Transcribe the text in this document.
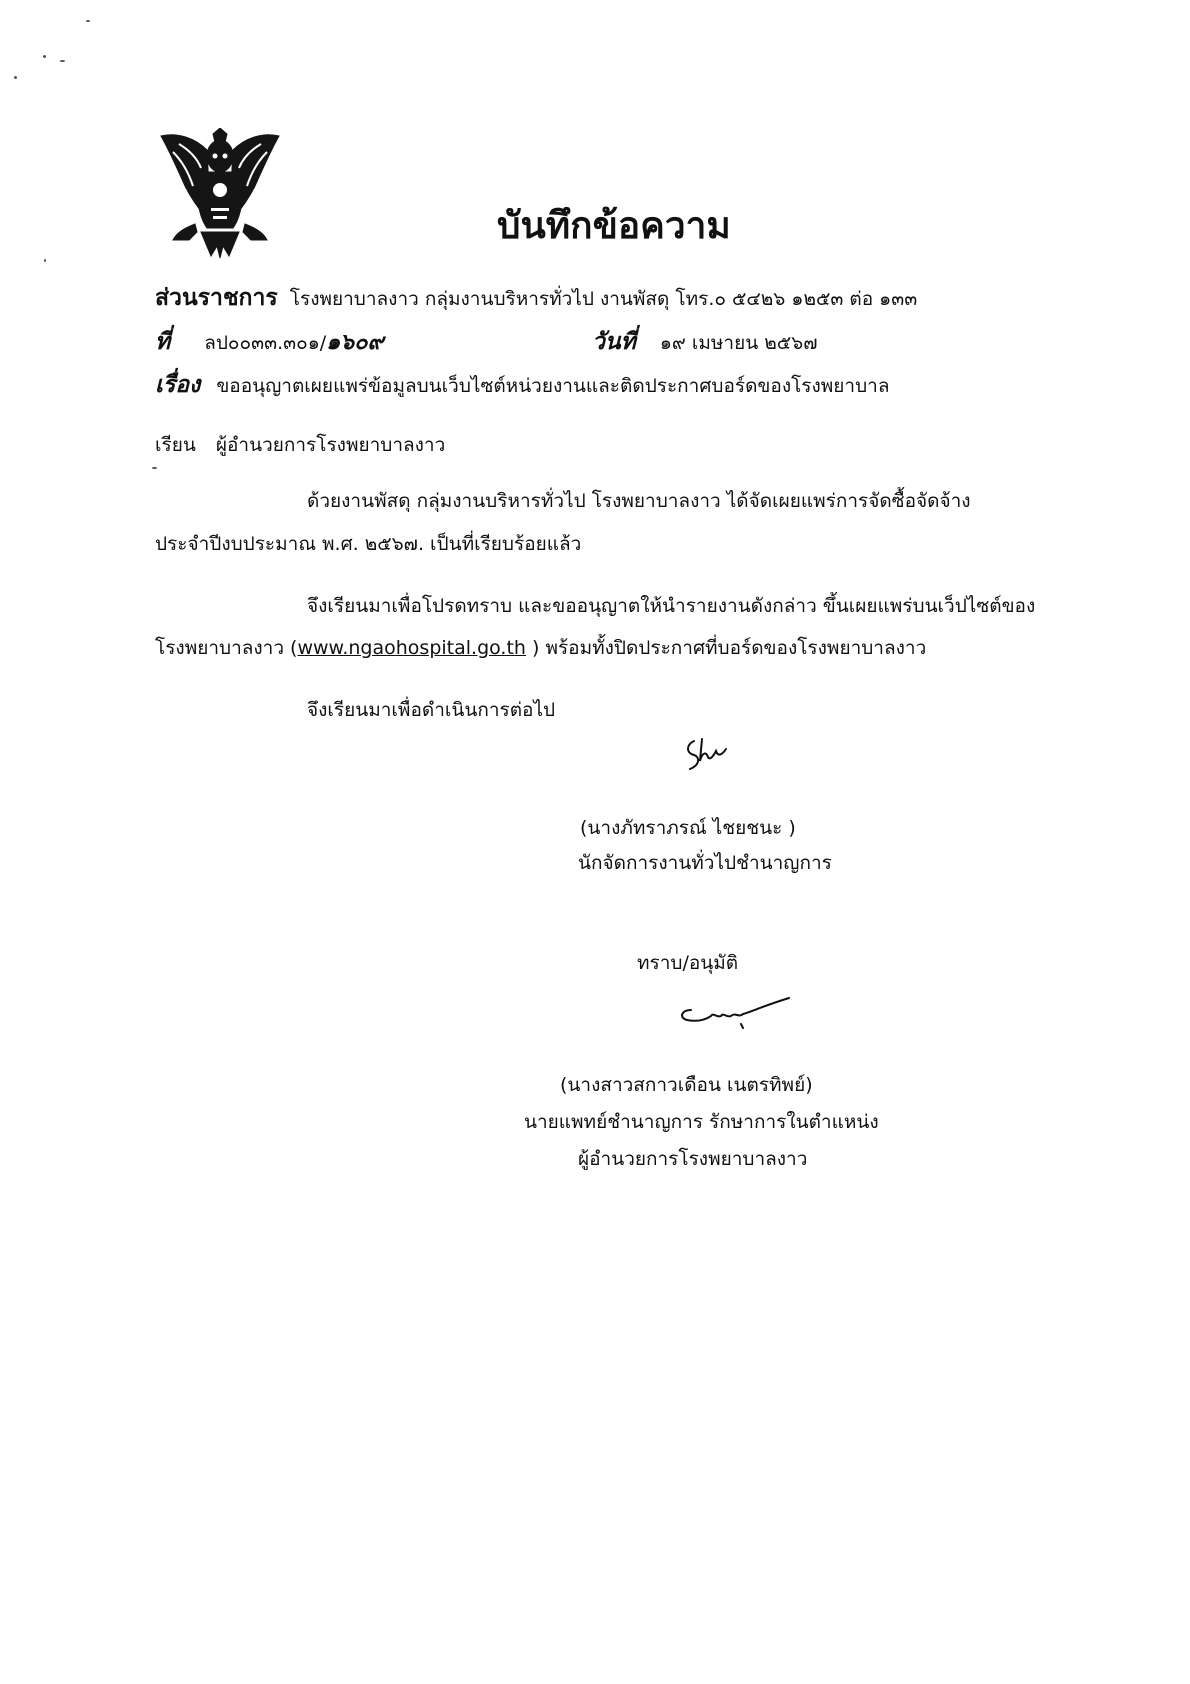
บันทึกข้อความ
ส่วนราชการ โรงพยาบาลงาว กลุ่มงานบริหารทั่วไป งานพัสดุ โทร.๐ ๕๔๒๖ ๑๒๕๓ ต่อ ๑๓๓
ที่ ลป๐๐๓๓.๓๐๑/๑๖๐๙	วันที่ ๑๙ เมษายน ๒๕๖๗
เรื่อง ขออนุญาตเผยแพร่ข้อมูลบนเว็บไซต์หน่วยงานและติดประกาศบอร์ดของโรงพยาบาล
เรียน ผู้อำนวยการโรงพยาบาลงาว
ด้วยงานพัสดุ กลุ่มงานบริหารทั่วไป โรงพยาบาลงาว ได้จัดเผยแพร่การจัดซื้อจัดจ้าง
ประจำปีงบประมาณ พ.ศ. ๒๕๖๗. เป็นที่เรียบร้อยแล้ว
จึงเรียนมาเพื่อโปรดทราบ และขออนุญาตให้นำรายงานดังกล่าว ขึ้นเผยแพร่บนเว็ปไซต์ของ
โรงพยาบาลงาว (www.ngaohospital.go.th ) พร้อมทั้งปิดประกาศที่บอร์ดของโรงพยาบาลงาว
จึงเรียนมาเพื่อดำเนินการต่อไป
(นางภัทราภรณ์ ไชยชนะ )
นักจัดการงานทั่วไปชำนาญการ
ทราบ/อนุมัติ
(นางสาวสกาวเดือน เนตรทิพย์)
นายแพทย์ชำนาญการ รักษาการในตำแหน่ง
ผู้อำนวยการโรงพยาบาลงาว
